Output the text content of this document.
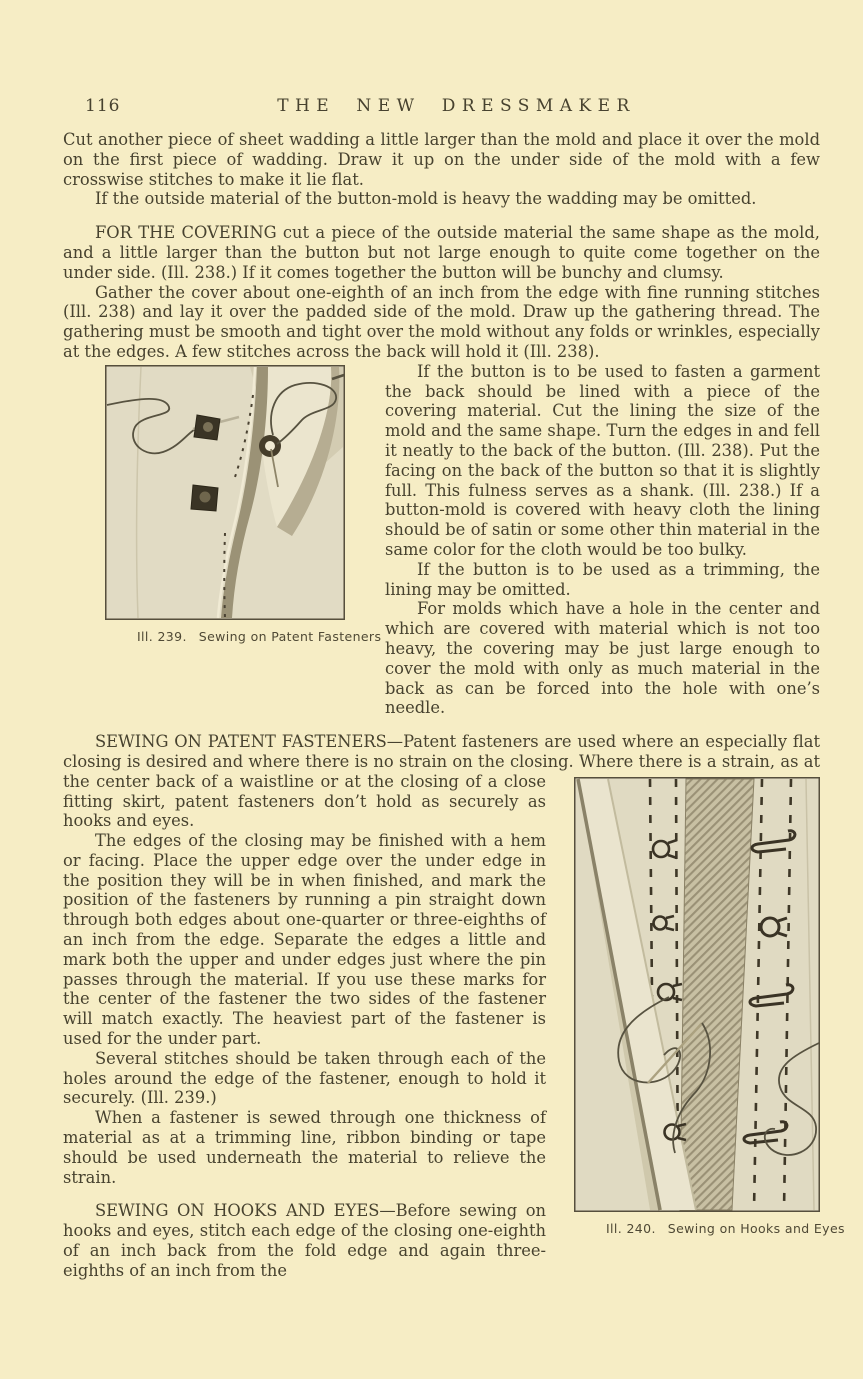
116	THE NEW DRESSMAKER

Cut another piece of sheet wadding a little larger than the mold and place it over the mold on the first piece of wadding. Draw it up on the under side of the mold with a few crosswise stitches to make it lie flat.

If the outside material of the button-mold is heavy the wadding may be omitted.

FOR THE COVERING cut a piece of the outside material the same shape as the mold, and a little larger than the button but not large enough to quite come together on the under side. (Ill. 238.) If it comes together the button will be bunchy and clumsy.

Gather the cover about one-eighth of an inch from the edge with fine running stitches (Ill. 238) and lay it over the padded side of the mold. Draw up the gathering thread. The gathering must be smooth and tight over the mold without any folds or wrinkles, especially at the edges. A few stitches across the back will hold it (Ill. 238).

Ill. 239. Sewing on Patent Fasteners
If the button is to be used to fasten a garment the back should be lined with a piece of the covering material. Cut the lining the size of the mold and the same shape. Turn the edges in and fell it neatly to the back of the button. (Ill. 238). Put the facing on the back of the button so that it is slightly full. This fulness serves as a shank. (Ill. 238.) If a button-mold is covered with heavy cloth the lining should be of satin or some other thin material in the same color for the cloth would be too bulky.

If the button is to be used as a trimming, the lining may be omitted.

For molds which have a hole in the center and which are covered with material which is not too heavy, the covering may be just large enough to cover the mold with only as much material in the back as can be forced into the hole with one’s needle.

SEWING ON PATENT FASTENERS—Patent fasteners are used where an especially flat closing is desired and where there is no strain on the closing. Where there is a strain,
Ill. 240. Sewing on Hooks and Eyes
as at the center back of a waistline or at the closing of a close fitting skirt, patent fasteners don’t hold as securely as hooks and eyes.

The edges of the closing may be finished with a hem or facing. Place the upper edge over the under edge in the position they will be in when finished, and mark the position of the fasteners by running a pin straight down through both edges about one-quarter or three-eighths of an inch from the edge. Separate the edges a little and mark both the upper and under edges just where the pin passes through the material. If you use these marks for the center of the fastener the two sides of the fastener will match exactly. The heaviest part of the fastener is used for the under part.

Several stitches should be taken through each of the holes around the edge of the fastener, enough to hold it securely. (Ill. 239.)

When a fastener is sewed through one thickness of material as at a trimming line, ribbon binding or tape should be used underneath the material to relieve the strain.

SEWING ON HOOKS AND EYES—Before sewing on hooks and eyes, stitch each edge of the closing one-eighth of an inch back from the fold edge and again three-eighths of an inch from the
